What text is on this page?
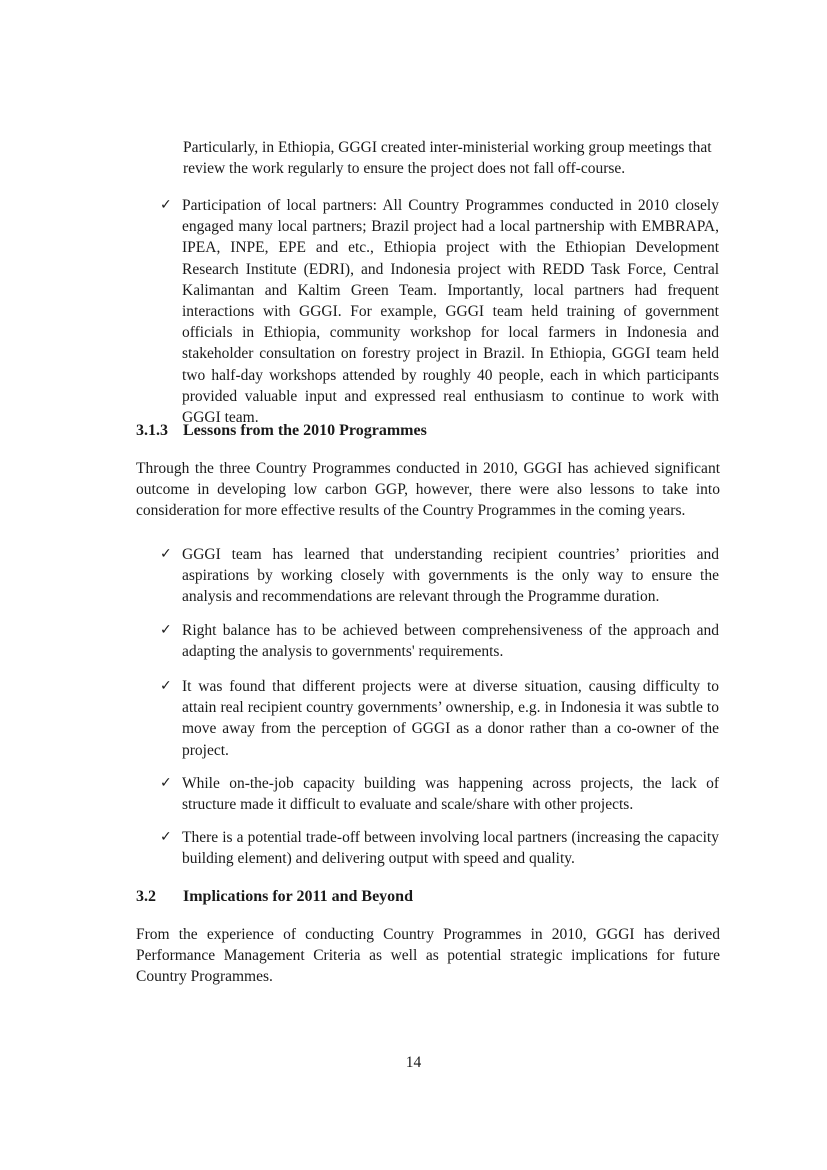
Particularly, in Ethiopia, GGGI created inter-ministerial working group meetings that review the work regularly to ensure the project does not fall off-course.

✓ Participation of local partners: All Country Programmes conducted in 2010 closely engaged many local partners; Brazil project had a local partnership with EMBRAPA, IPEA, INPE, EPE and etc., Ethiopia project with the Ethiopian Development Research Institute (EDRI), and Indonesia project with REDD Task Force, Central Kalimantan and Kaltim Green Team. Importantly, local partners had frequent interactions with GGGI. For example, GGGI team held training of government officials in Ethiopia, community workshop for local farmers in Indonesia and stakeholder consultation on forestry project in Brazil. In Ethiopia, GGGI team held two half-day workshops attended by roughly 40 people, each in which participants provided valuable input and expressed real enthusiasm to continue to work with GGGI team.
3.1.3 Lessons from the 2010 Programmes

Through the three Country Programmes conducted in 2010, GGGI has achieved significant outcome in developing low carbon GGP, however, there were also lessons to take into consideration for more effective results of the Country Programmes in the coming years.

✓ GGGI team has learned that understanding recipient countries’ priorities and aspirations by working closely with governments is the only way to ensure the analysis and recommendations are relevant through the Programme duration.
✓ Right balance has to be achieved between comprehensiveness of the approach and adapting the analysis to governments' requirements.
✓ It was found that different projects were at diverse situation, causing difficulty to attain real recipient country governments’ ownership, e.g. in Indonesia it was subtle to move away from the perception of GGGI as a donor rather than a co-owner of the project.
✓ While on-the-job capacity building was happening across projects, the lack of structure made it difficult to evaluate and scale/share with other projects.
✓ There is a potential trade-off between involving local partners (increasing the capacity building element) and delivering output with speed and quality.
3.2 Implications for 2011 and Beyond

From the experience of conducting Country Programmes in 2010, GGGI has derived Performance Management Criteria as well as potential strategic implications for future Country Programmes.

14
